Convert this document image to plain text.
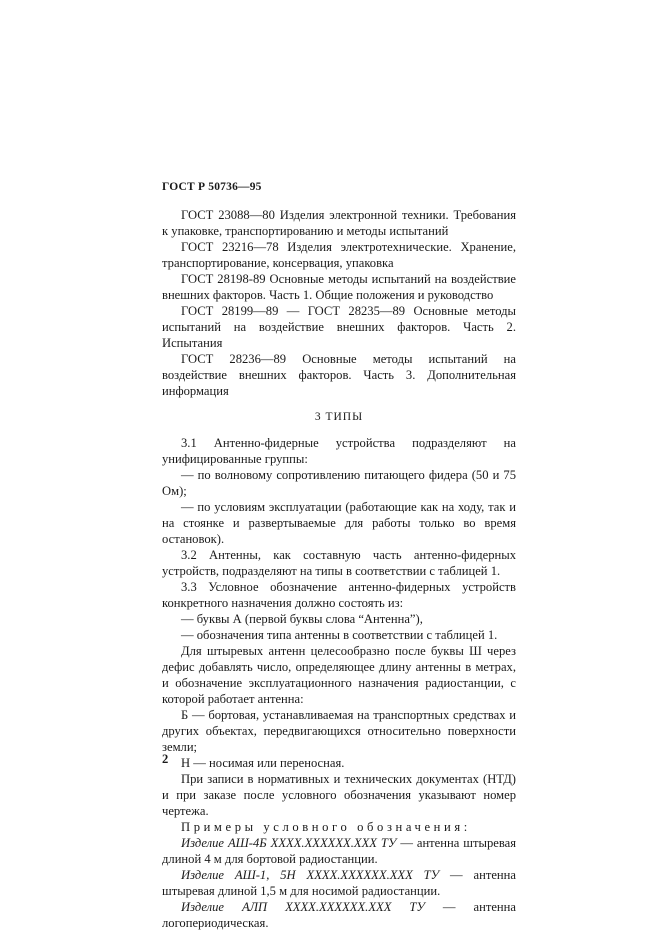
ГОСТ Р 50736—95

ГОСТ 23088—80 Изделия электронной техники. Требования к упаковке, транспортированию и методы испытаний

ГОСТ 23216—78 Изделия электротехнические. Хранение, транспортирование, консервация, упаковка

ГОСТ 28198-89 Основные методы испытаний на воздействие внешних факторов. Часть 1. Общие положения и руководство

ГОСТ 28199—89 — ГОСТ 28235—89 Основные методы испытаний на воздействие внешних факторов. Часть 2. Испытания

ГОСТ 28236—89 Основные методы испытаний на воздействие внешних факторов. Часть 3. Дополнительная информация

3 ТИПЫ

3.1 Антенно-фидерные устройства подразделяют на унифицированные группы:

— по волновому сопротивлению питающего фидера (50 и 75 Ом);

— по условиям эксплуатации (работающие как на ходу, так и на стоянке и развертываемые для работы только во время остановок).

3.2 Антенны, как составную часть антенно-фидерных устройств, подразделяют на типы в соответствии с таблицей 1.

3.3 Условное обозначение антенно-фидерных устройств конкретного назначения должно состоять из:

— буквы А (первой буквы слова “Антенна”),

— обозначения типа антенны в соответствии с таблицей 1.

Для штыревых антенн целесообразно после буквы Ш через дефис добавлять число, определяющее длину антенны в метрах, и обозначение эксплуатационного назначения радиостанции, с которой работает антенна:

Б — бортовая, устанавливаемая на транспортных средствах и других объектах, передвигающихся относительно поверхности земли;

Н — носимая или переносная.

При записи в нормативных и технических документах (НТД) и при заказе после условного обозначения указывают номер чертежа.

Примеры условного обозначения:

Изделие АШ-4Б XXXX.XXXXXX.XXX ТУ — антенна штыревая длиной 4 м для бортовой радиостанции.

Изделие АШ-1, 5Н XXXX.XXXXXX.XXX ТУ — антенна штыревая длиной 1,5 м для носимой радиостанции.

Изделие АЛП XXXX.XXXXXX.XXX ТУ — антенна логопериодическая.

2
